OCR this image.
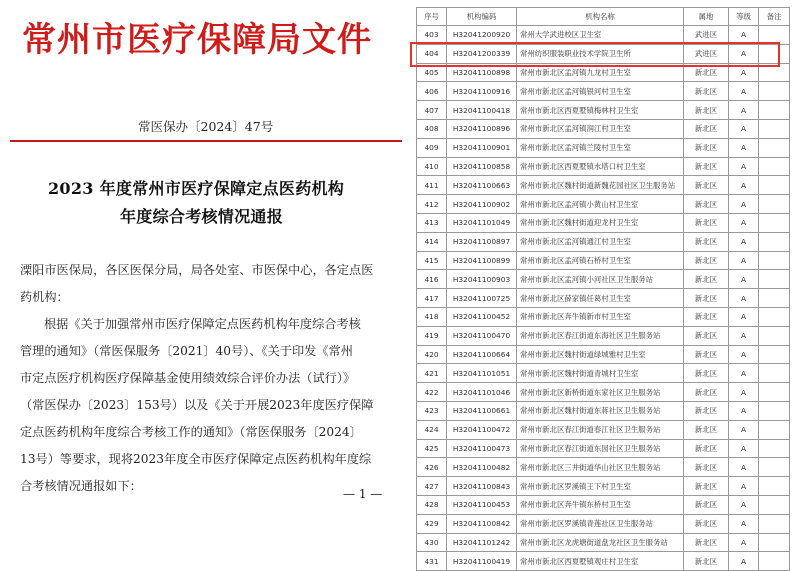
常州市医疗保障局文件
常医保办〔2024〕47号
2023 年度常州市医疗保障定点医药机构
年度综合考核情况通报
溧阳市医保局，各区医保分局，局各处室、市医保中心，各定点医
药机构：
根据《关于加强常州市医疗保障定点医药机构年度综合考核
管理的通知》（常医保服务〔2021〕40号）、《关于印发《常州
市定点医疗机构医疗保障基金使用绩效综合评价办法（试行）》
（常医保办〔2023〕153号）以及《关于开展2023年度医疗保障
定点医药机构年度综合考核工作的通知》（常医保服务〔2024〕
13号）等要求，现将2023年度全市医疗保障定点医药机构年度综
合考核情况通报如下：
— 1 —
序号	机构编码	机构名称	属地	等级	备注
403	H32041200920	常州大学武进校区卫生室	武进区	A	
404	H32041200339	常州纺织服装职业技术学院卫生所	武进区	A	
405	H32041100898	常州市新北区孟河镇九龙村卫生室	新北区	A	
406	H32041100916	常州市新北区孟河镇银河村卫生室	新北区	A	
407	H32041100418	常州市新北区西夏墅镇梅林村卫生室	新北区	A	
408	H32041100896	常州市新北区孟河镇润江村卫生室	新北区	A	
409	H32041100901	常州市新北区孟河镇兰陵村卫生室	新北区	A	
410	H32041100858	常州市新北区西夏墅镇水塔口村卫生室	新北区	A	
411	H32041100663	常州市新北区魏村街道新魏花园社区卫生服务站	新北区	A	
412	H32041100902	常州市新北区孟河镇小黄山村卫生室	新北区	A	
413	H32041101049	常州市新北区魏村街道迎龙村卫生室	新北区	A	
414	H32041100897	常州市新北区孟河镇通江村卫生室	新北区	A	
415	H32041100899	常州市新北区孟河镇石桥村卫生室	新北区	A	
416	H32041100903	常州市新北区孟河镇小河社区卫生服务站	新北区	A	
417	H32041100725	常州市新北区薛家镇任葛村卫生室	新北区	A	
418	H32041100452	常州市新北区奔牛镇新市村卫生室	新北区	A	
419	H32041100470	常州市新北区春江街道东海社区卫生服务站	新北区	A	
420	H32041100664	常州市新北区魏村街道绿城雅村卫生室	新北区	A	
421	H32041101051	常州市新北区魏村街道青城村卫生室	新北区	A	
422	H32041101046	常州市新北区新桥街道东家社区卫生服务站	新北区	A	
423	H32041100661	常州市新北区魏村街道东蒋社区卫生服务站	新北区	A	
424	H32041100472	常州市新北区春江街道春江社区卫生服务站	新北区	A	
425	H32041100473	常州市新北区春江街道东园社区卫生服务站	新北区	A	
426	H32041100482	常州市新北区三井街道华山社区卫生服务站	新北区	A	
427	H32041100843	常州市新北区罗溪镇王下村卫生室	新北区	A	
428	H32041100453	常州市新北区奔牛镇东桥村卫生室	新北区	A	
429	H32041100842	常州市新北区罗溪镇青莲社区卫生服务站	新北区	A	
430	H32041101242	常州市新北区龙虎塘街道盘龙社区卫生服务站	新北区	A	
431	H32041100419	常州市新北区西夏墅镇观庄村卫生室	新北区	A	
